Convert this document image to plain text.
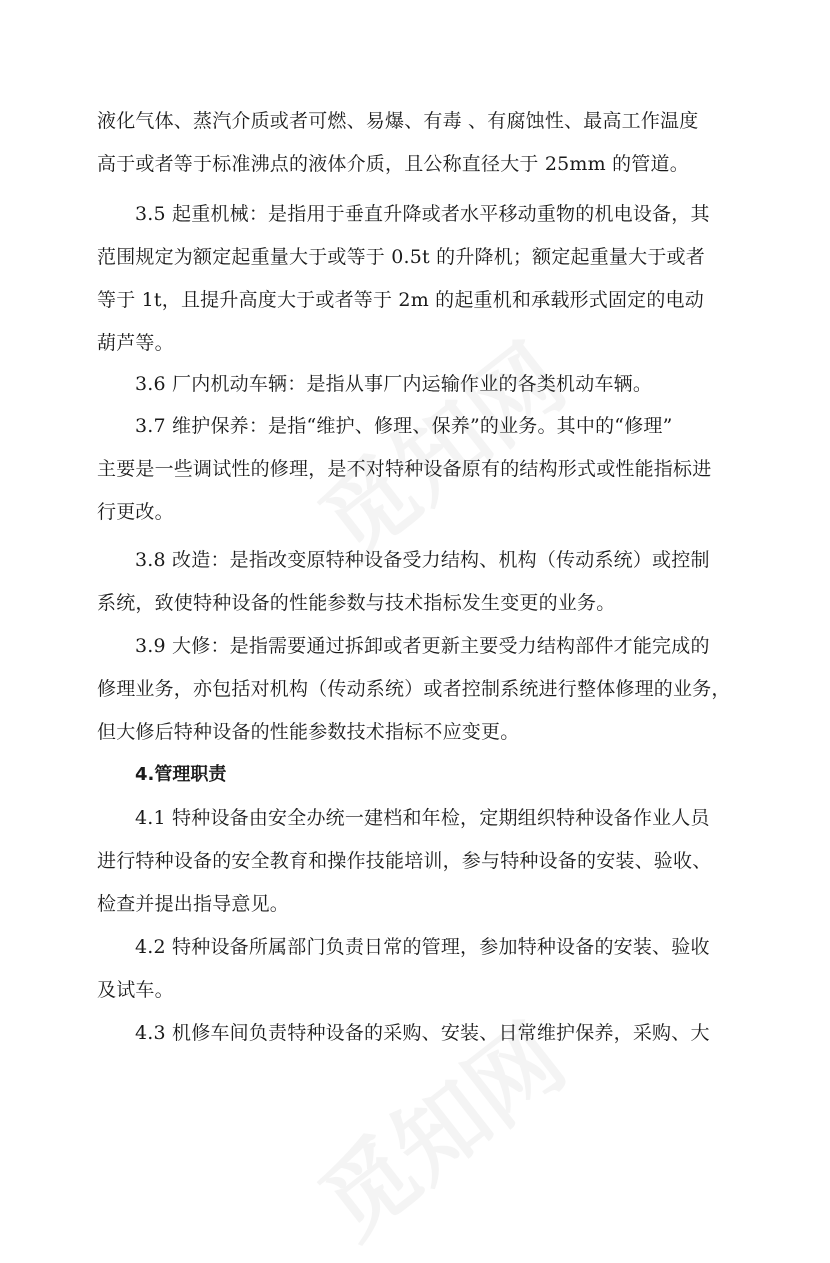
液化气体、蒸汽介质或者可燃、易爆、有毒 、有腐蚀性、最高工作温度
高于或者等于标准沸点的液体介质，且公称直径大于 25mm 的管道。
3.5 起重机械：是指用于垂直升降或者水平移动重物的机电设备，其
范围规定为额定起重量大于或等于 0.5t 的升降机；额定起重量大于或者
等于 1t，且提升高度大于或者等于 2m 的起重机和承载形式固定的电动
葫芦等。
3.6 厂内机动车辆：是指从事厂内运输作业的各类机动车辆。
3.7 维护保养：是指“维护、修理、保养”的业务。其中的“修理”
主要是一些调试性的修理，是不对特种设备原有的结构形式或性能指标进
行更改。
3.8 改造：是指改变原特种设备受力结构、机构（传动系统）或控制
系统，致使特种设备的性能参数与技术指标发生变更的业务。
3.9 大修：是指需要通过拆卸或者更新主要受力结构部件才能完成的
修理业务，亦包括对机构（传动系统）或者控制系统进行整体修理的业务，
但大修后特种设备的性能参数技术指标不应变更。
4.管理职责
4.1 特种设备由安全办统一建档和年检，定期组织特种设备作业人员
进行特种设备的安全教育和操作技能培训，参与特种设备的安装、验收、
检查并提出指导意见。
4.2 特种设备所属部门负责日常的管理，参加特种设备的安装、验收
及试车。
4.3 机修车间负责特种设备的采购、安装、日常维护保养，采购、大
